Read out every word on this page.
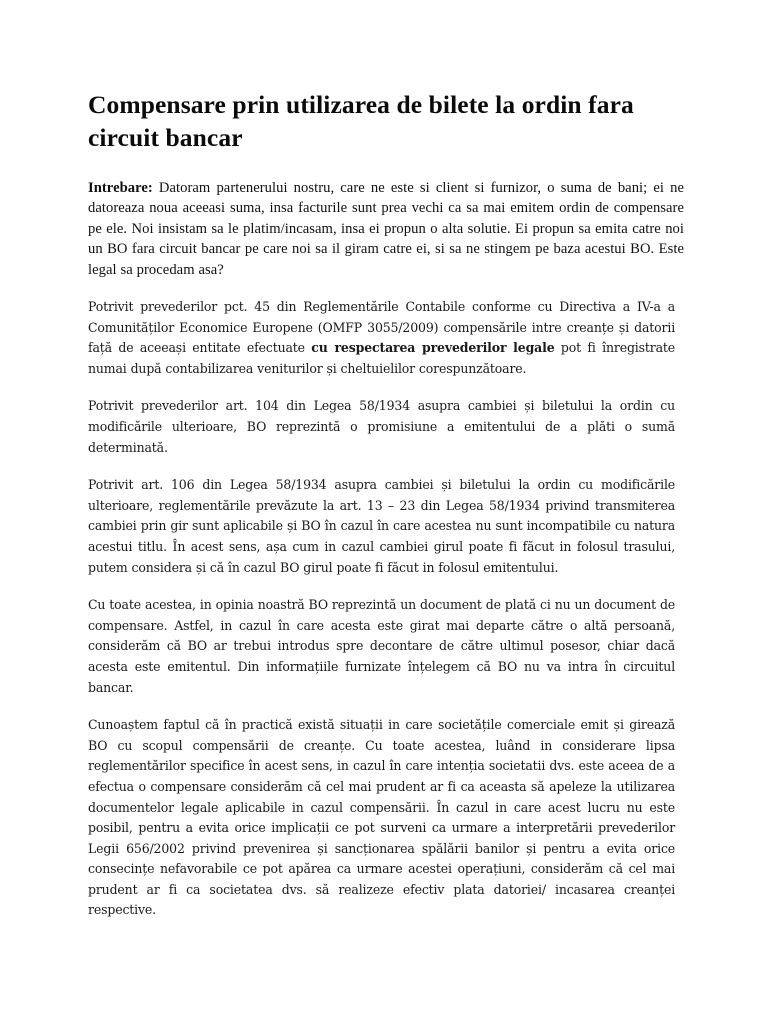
Compensare prin utilizarea de bilete la ordin fara circuit bancar

Intrebare: Datoram partenerului nostru, care ne este si client si furnizor, o suma de bani; ei ne datoreaza noua aceeasi suma, insa facturile sunt prea vechi ca sa mai emitem ordin de compensare pe ele. Noi insistam sa le platim/incasam, insa ei propun o alta solutie. Ei propun sa emita catre noi un BO fara circuit bancar pe care noi sa il giram catre ei, si sa ne stingem pe baza acestui BO. Este legal sa procedam asa?

Potrivit prevederilor pct. 45 din Reglementările Contabile conforme cu Directiva a IV-a a Comunităților Economice Europene (OMFP 3055/2009) compensările intre creanțe și datorii față de aceeași entitate efectuate cu respectarea prevederilor legale pot fi înregistrate numai după contabilizarea veniturilor și cheltuielilor corespunzătoare.

Potrivit prevederilor art. 104 din Legea 58/1934 asupra cambiei și biletului la ordin cu modificările ulterioare, BO reprezintă o promisiune a emitentului de a plăti o sumă determinată.

Potrivit art. 106 din Legea 58/1934 asupra cambiei și biletului la ordin cu modificările ulterioare, reglementările prevăzute la art. 13 – 23 din Legea 58/1934 privind transmiterea cambiei prin gir sunt aplicabile și BO în cazul în care acestea nu sunt incompatibile cu natura acestui titlu. În acest sens, așa cum in cazul cambiei girul poate fi făcut in folosul trasului, putem considera și că în cazul BO girul poate fi făcut in folosul emitentului.

Cu toate acestea, in opinia noastră BO reprezintă un document de plată ci nu un document de compensare. Astfel, in cazul în care acesta este girat mai departe către o altă persoană, considerăm că BO ar trebui introdus spre decontare de către ultimul posesor, chiar dacă acesta este emitentul. Din informațiile furnizate înțelegem că BO nu va intra în circuitul bancar.

Cunoaștem faptul că în practică există situații in care societățile comerciale emit și girează BO cu scopul compensării de creanțe. Cu toate acestea, luând in considerare lipsa reglementărilor specifice în acest sens, in cazul în care intenția societatii dvs. este aceea de a efectua o compensare considerăm că cel mai prudent ar fi ca aceasta să apeleze la utilizarea documentelor legale aplicabile in cazul compensării. În cazul in care acest lucru nu este posibil, pentru a evita orice implicații ce pot surveni ca urmare a interpretării prevederilor Legii 656/2002 privind prevenirea și sancționarea spălării banilor și pentru a evita orice consecințe nefavorabile ce pot apărea ca urmare acestei operațiuni, considerăm că cel mai prudent ar fi ca societatea dvs. să realizeze efectiv plata datoriei/ incasarea creanței respective.
